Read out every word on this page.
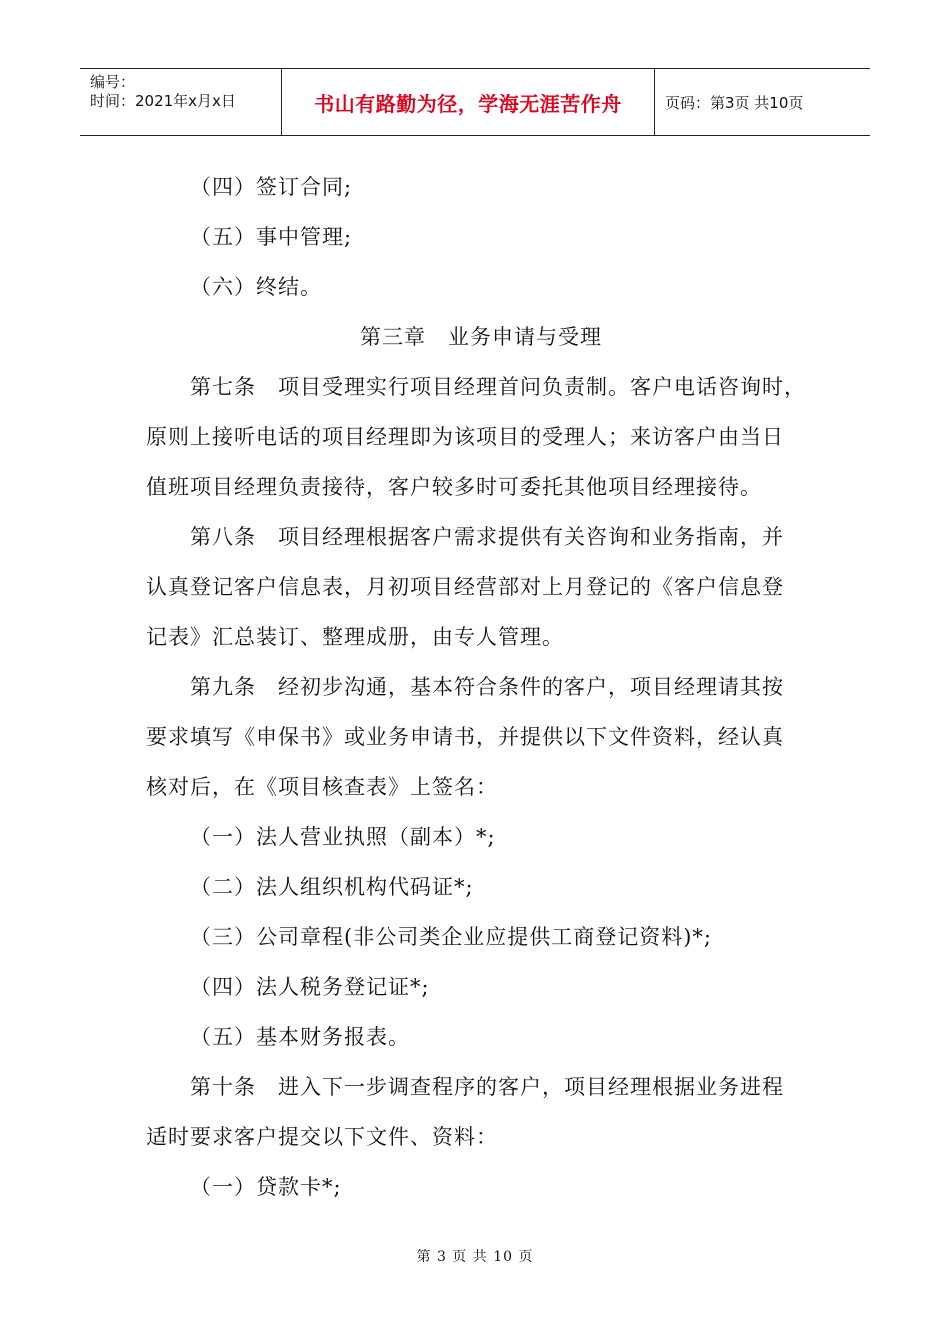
编号：
时间：2021年x月x日	书山有路勤为径，学海无涯苦作舟	页码：第3页 共10页
（四）签订合同;
（五）事中管理;
（六）终结。
第三章　业务申请与受理
第七条　项目受理实行项目经理首问负责制。客户电话咨询时，
原则上接听电话的项目经理即为该项目的受理人；来访客户由当日
值班项目经理负责接待，客户较多时可委托其他项目经理接待。
第八条　项目经理根据客户需求提供有关咨询和业务指南，并
认真登记客户信息表，月初项目经营部对上月登记的《客户信息登
记表》汇总装订、整理成册，由专人管理。
第九条　经初步沟通，基本符合条件的客户，项目经理请其按
要求填写《申保书》或业务申请书，并提供以下文件资料，经认真
核对后，在《项目核查表》上签名：
（一）法人营业执照（副本）*;
（二）法人组织机构代码证*;
（三）公司章程(非公司类企业应提供工商登记资料)*;
（四）法人税务登记证*;
（五）基本财务报表。
第十条　进入下一步调查程序的客户，项目经理根据业务进程
适时要求客户提交以下文件、资料：
（一）贷款卡*;
第 3 页 共 10 页
